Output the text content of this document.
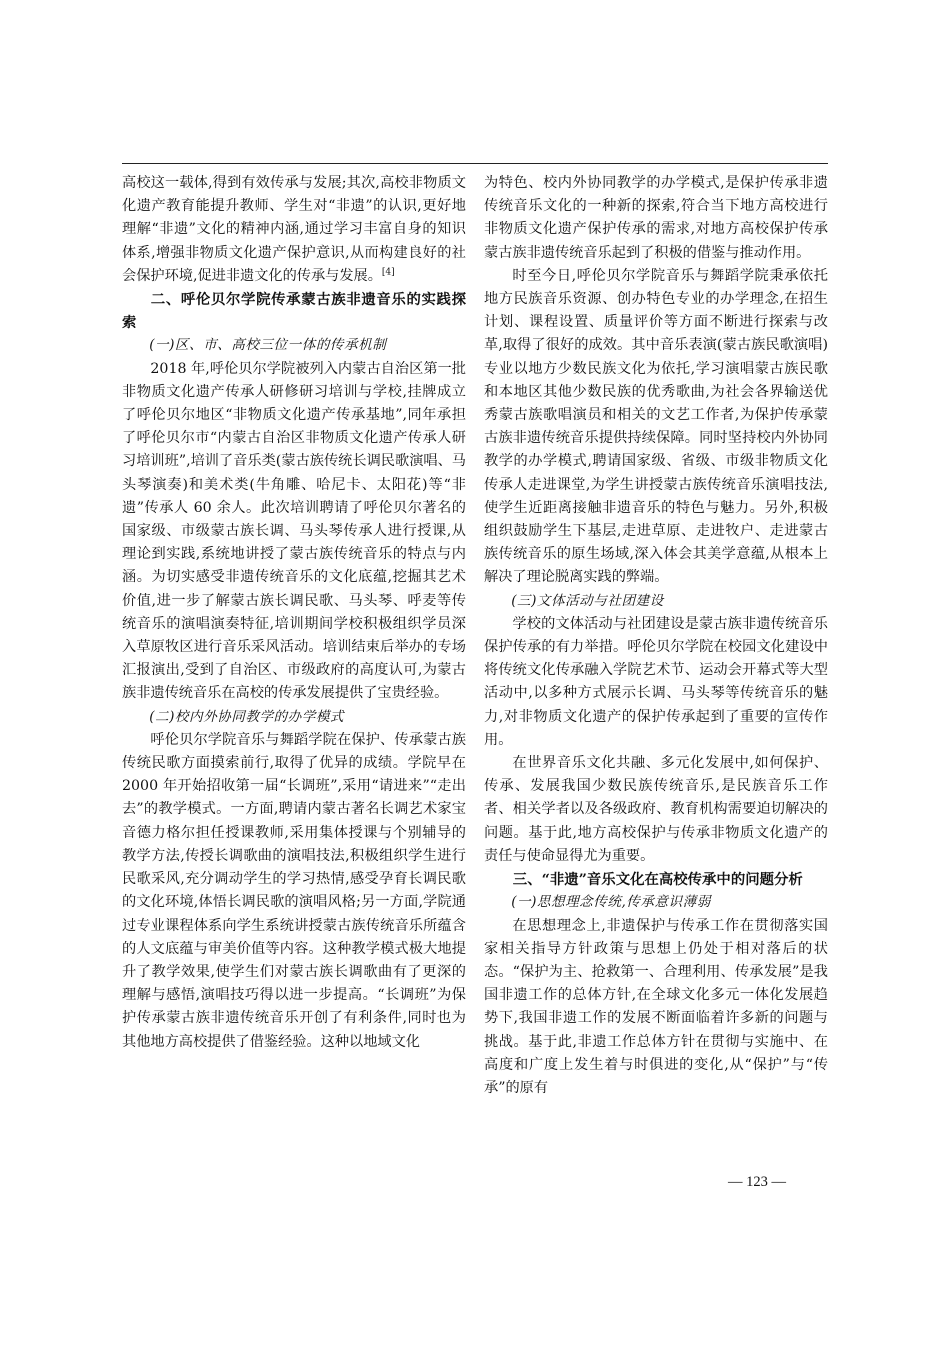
高校这一载体,得到有效传承与发展;其次,高校非物质文化遗产教育能提升教师、学生对“非遗”的认识,更好地理解“非遗”文化的精神内涵,通过学习丰富自身的知识体系,增强非物质文化遗产保护意识,从而构建良好的社会保护环境,促进非遗文化的传承与发展。[4]

二、呼伦贝尔学院传承蒙古族非遗音乐的实践探索
(一)区、市、高校三位一体的传承机制

2018 年,呼伦贝尔学院被列入内蒙古自治区第一批非物质文化遗产传承人研修研习培训与学校,挂牌成立了呼伦贝尔地区“非物质文化遗产传承基地”,同年承担了呼伦贝尔市“内蒙古自治区非物质文化遗产传承人研习培训班”,培训了音乐类(蒙古族传统长调民歌演唱、马头琴演奏)和美术类(牛角雕、哈尼卡、太阳花)等“非遗”传承人 60 余人。此次培训聘请了呼伦贝尔著名的国家级、市级蒙古族长调、马头琴传承人进行授课,从理论到实践,系统地讲授了蒙古族传统音乐的特点与内涵。为切实感受非遗传统音乐的文化底蕴,挖掘其艺术价值,进一步了解蒙古族长调民歌、马头琴、呼麦等传统音乐的演唱演奏特征,培训期间学校积极组织学员深入草原牧区进行音乐采风活动。培训结束后举办的专场汇报演出,受到了自治区、市级政府的高度认可,为蒙古族非遗传统音乐在高校的传承发展提供了宝贵经验。

(二)校内外协同教学的办学模式

呼伦贝尔学院音乐与舞蹈学院在保护、传承蒙古族传统民歌方面摸索前行,取得了优异的成绩。学院早在 2000 年开始招收第一届“长调班”,采用“请进来”“走出去”的教学模式。一方面,聘请内蒙古著名长调艺术家宝音德力格尔担任授课教师,采用集体授课与个别辅导的教学方法,传授长调歌曲的演唱技法,积极组织学生进行民歌采风,充分调动学生的学习热情,感受孕育长调民歌的文化环境,体悟长调民歌的演唱风格;另一方面,学院通过专业课程体系向学生系统讲授蒙古族传统音乐所蕴含的人文底蕴与审美价值等内容。这种教学模式极大地提升了教学效果,使学生们对蒙古族长调歌曲有了更深的理解与感悟,演唱技巧得以进一步提高。“长调班”为保护传承蒙古族非遗传统音乐开创了有利条件,同时也为其他地方高校提供了借鉴经验。这种以地域文化

为特色、校内外协同教学的办学模式,是保护传承非遗传统音乐文化的一种新的探索,符合当下地方高校进行非物质文化遗产保护传承的需求,对地方高校保护传承蒙古族非遗传统音乐起到了积极的借鉴与推动作用。

时至今日,呼伦贝尔学院音乐与舞蹈学院秉承依托地方民族音乐资源、创办特色专业的办学理念,在招生计划、课程设置、质量评价等方面不断进行探索与改革,取得了很好的成效。其中音乐表演(蒙古族民歌演唱)专业以地方少数民族文化为依托,学习演唱蒙古族民歌和本地区其他少数民族的优秀歌曲,为社会各界输送优秀蒙古族歌唱演员和相关的文艺工作者,为保护传承蒙古族非遗传统音乐提供持续保障。同时坚持校内外协同教学的办学模式,聘请国家级、省级、市级非物质文化传承人走进课堂,为学生讲授蒙古族传统音乐演唱技法,使学生近距离接触非遗音乐的特色与魅力。另外,积极组织鼓励学生下基层,走进草原、走进牧户、走进蒙古族传统音乐的原生场域,深入体会其美学意蕴,从根本上解决了理论脱离实践的弊端。

(三)文体活动与社团建设

学校的文体活动与社团建设是蒙古族非遗传统音乐保护传承的有力举措。呼伦贝尔学院在校园文化建设中将传统文化传承融入学院艺术节、运动会开幕式等大型活动中,以多种方式展示长调、马头琴等传统音乐的魅力,对非物质文化遗产的保护传承起到了重要的宣传作用。

在世界音乐文化共融、多元化发展中,如何保护、传承、发展我国少数民族传统音乐,是民族音乐工作者、相关学者以及各级政府、教育机构需要迫切解决的问题。基于此,地方高校保护与传承非物质文化遗产的责任与使命显得尤为重要。

三、“非遗”音乐文化在高校传承中的问题分析
(一)思想理念传统,传承意识薄弱

在思想理念上,非遗保护与传承工作在贯彻落实国家相关指导方针政策与思想上仍处于相对落后的状态。“保护为主、抢救第一、合理利用、传承发展”是我国非遗工作的总体方针,在全球文化多元一体化发展趋势下,我国非遗工作的发展不断面临着许多新的问题与挑战。基于此,非遗工作总体方针在贯彻与实施中、在高度和广度上发生着与时俱进的变化,从“保护”与“传承”的原有

— 123 —
